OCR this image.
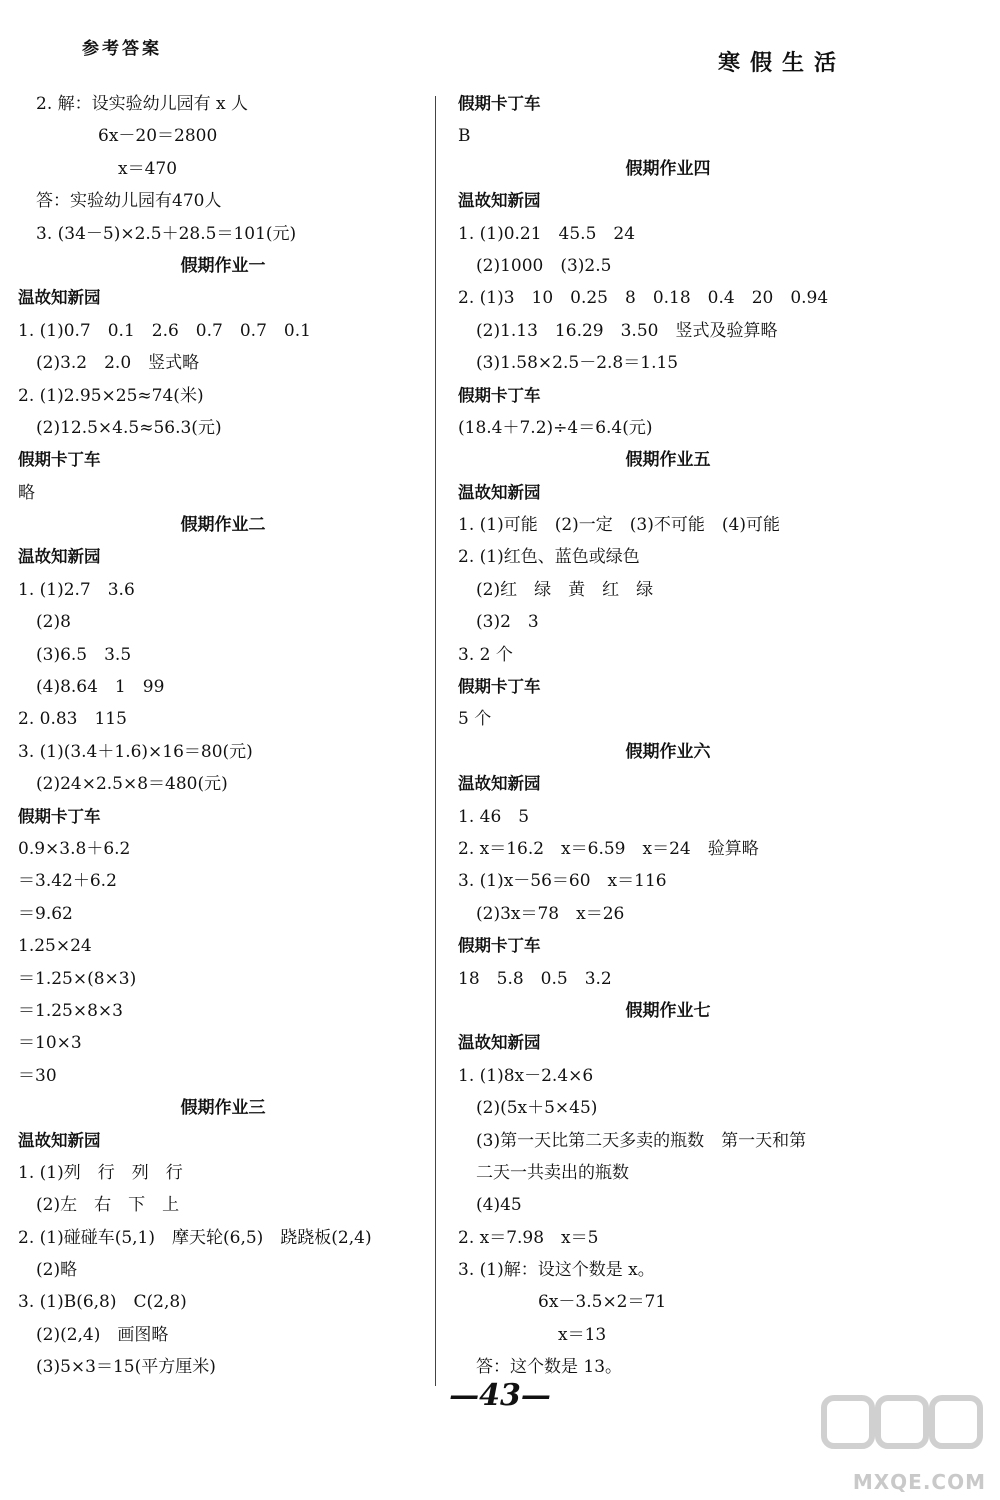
参考答案
寒假生活
2. 解：设实验幼儿园有 x 人
6x－20＝2800
x＝470
答：实验幼儿园有470人
3. (34－5)×2.5＋28.5＝101(元)
假期作业一
温故知新园
1. (1)0.7　0.1　2.6　0.7　0.7　0.1
(2)3.2　2.0　竖式略
2. (1)2.95×25≈74(米)
(2)12.5×4.5≈56.3(元)
假期卡丁车
略
假期作业二
温故知新园
1. (1)2.7　3.6
(2)8
(3)6.5　3.5
(4)8.64　1　99
2. 0.83　115
3. (1)(3.4＋1.6)×16＝80(元)
(2)24×2.5×8＝480(元)
假期卡丁车
0.9×3.8＋6.2
＝3.42＋6.2
＝9.62
1.25×24
＝1.25×(8×3)
＝1.25×8×3
＝10×3
＝30
假期作业三
温故知新园
1. (1)列　行　列　行
(2)左　右　下　上
2. (1)碰碰车(5,1)　摩天轮(6,5)　跷跷板(2,4)
(2)略
3. (1)B(6,8)　C(2,8)
(2)(2,4)　画图略
(3)5×3＝15(平方厘米)
假期卡丁车
B
假期作业四
温故知新园
1. (1)0.21　45.5　24
(2)1000　(3)2.5
2. (1)3　10　0.25　8　0.18　0.4　20　0.94
(2)1.13　16.29　3.50　竖式及验算略
(3)1.58×2.5－2.8＝1.15
假期卡丁车
(18.4＋7.2)÷4＝6.4(元)
假期作业五
温故知新园
1. (1)可能　(2)一定　(3)不可能　(4)可能
2. (1)红色、蓝色或绿色
(2)红　绿　黄　红　绿
(3)2　3
3. 2 个
假期卡丁车
5 个
假期作业六
温故知新园
1. 46　5
2. x＝16.2　x＝6.59　x＝24　验算略
3. (1)x－56＝60　x＝116
(2)3x＝78　x＝26
假期卡丁车
18　5.8　0.5　3.2
假期作业七
温故知新园
1. (1)8x－2.4×6
(2)(5x＋5×45)
(3)第一天比第二天多卖的瓶数　第一天和第
二天一共卖出的瓶数
(4)45
2. x＝7.98　x＝5
3. (1)解：设这个数是 x。
6x－3.5×2＝71
x＝13
答：这个数是 13。
—43—
MXQE.COM
